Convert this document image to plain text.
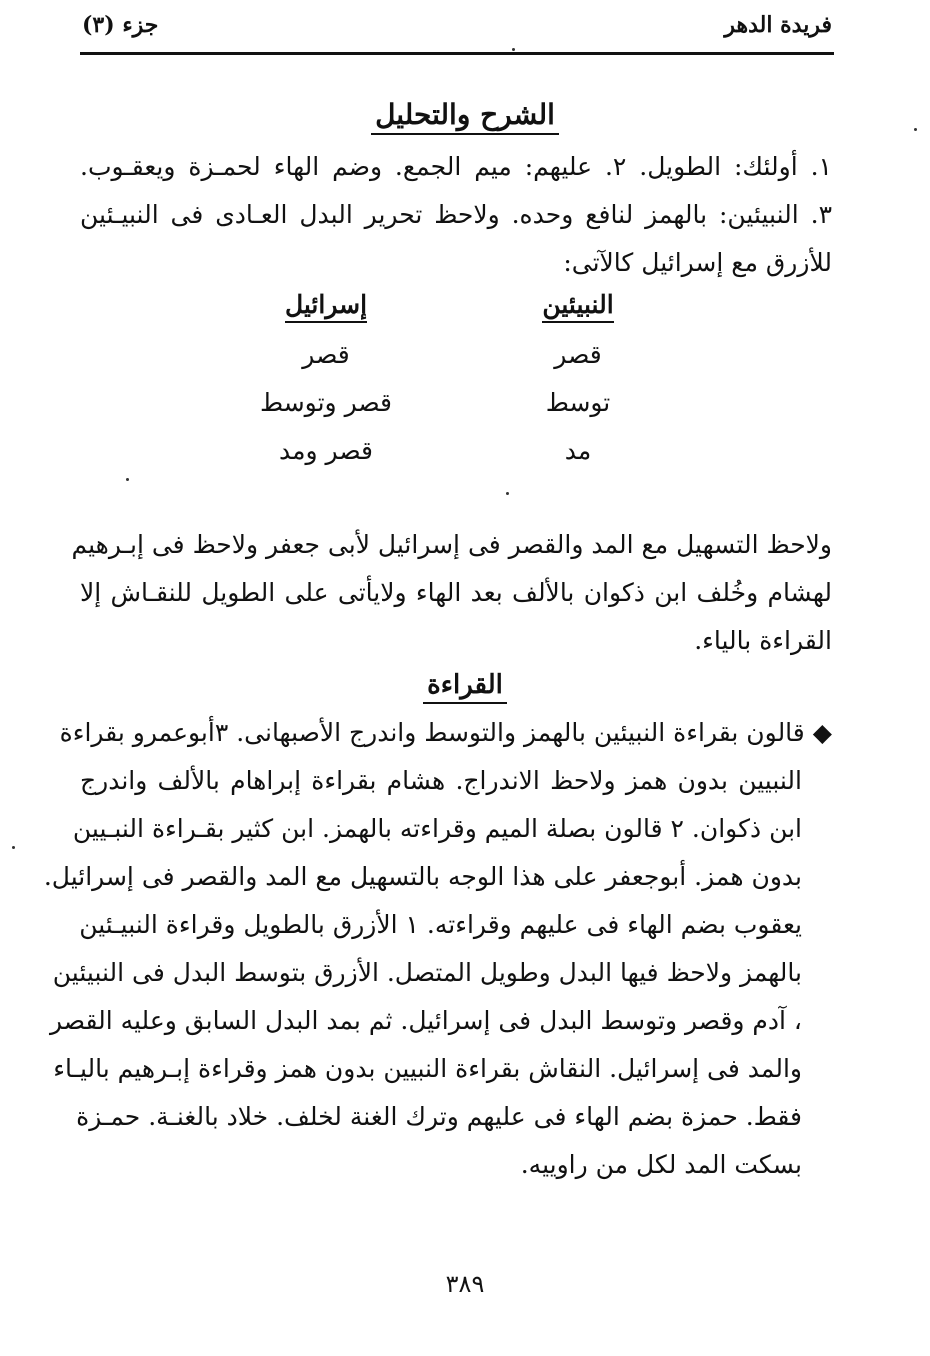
جزء (٣)	فريدة الدهر
الشرح والتحليل
١. أولئك: الطويل. ٢. عليهم: ميم الجمع. وضم الهاء لحمـزة ويعقـوب.
٣. النبيئين: بالهمز لنافع وحده. ولاحظ تحرير البدل العـادى فى النبيـئين
للأزرق مع إسرائيل كالآتى:
النبيئين
إسرائيل
قصر
قصر
توسط
قصر وتوسط
مد
قصر ومد
ولاحظ التسهيل مع المد والقصر فى إسرائيل لأبى جعفر ولاحظ فى إبـرهيم
لهشام وخُلف ابن ذكوان بالألف بعد الهاء ولايأتى على الطويل للنقـاش إلا
القراءة بالياء.
القراءة
◆قالون بقراءة النبيئين بالهمز والتوسط واندرج الأصبهانى. ٣أبوعمرو بقراءة
النبيين بدون همز ولاحظ الاندراج. هشام بقراءة إبراهام بالألف واندرج
ابن ذكوان. ٢ قالون بصلة الميم وقراءته بالهمز. ابن كثير بقـراءة النبـيين
بدون همز. أبوجعفر على هذا الوجه بالتسهيل مع المد والقصر فى إسرائيل.
يعقوب بضم الهاء فى عليهم وقراءته. ١ الأزرق بالطويل وقراءة النبيـئين
بالهمز ولاحظ فيها البدل وطويل المتصل. الأزرق بتوسط البدل فى النبيئين
، آدم وقصر وتوسط البدل فى إسرائيل. ثم بمد البدل السابق وعليه القصر
والمد فى إسرائيل. النقاش بقراءة النبيين بدون همز وقراءة إبـرهيم باليـاء
فقط. حمزة بضم الهاء فى عليهم وترك الغنة لخلف. خلاد بالغنـة. حمـزة
بسكت المد لكل من راوييه.
٣٨٩
